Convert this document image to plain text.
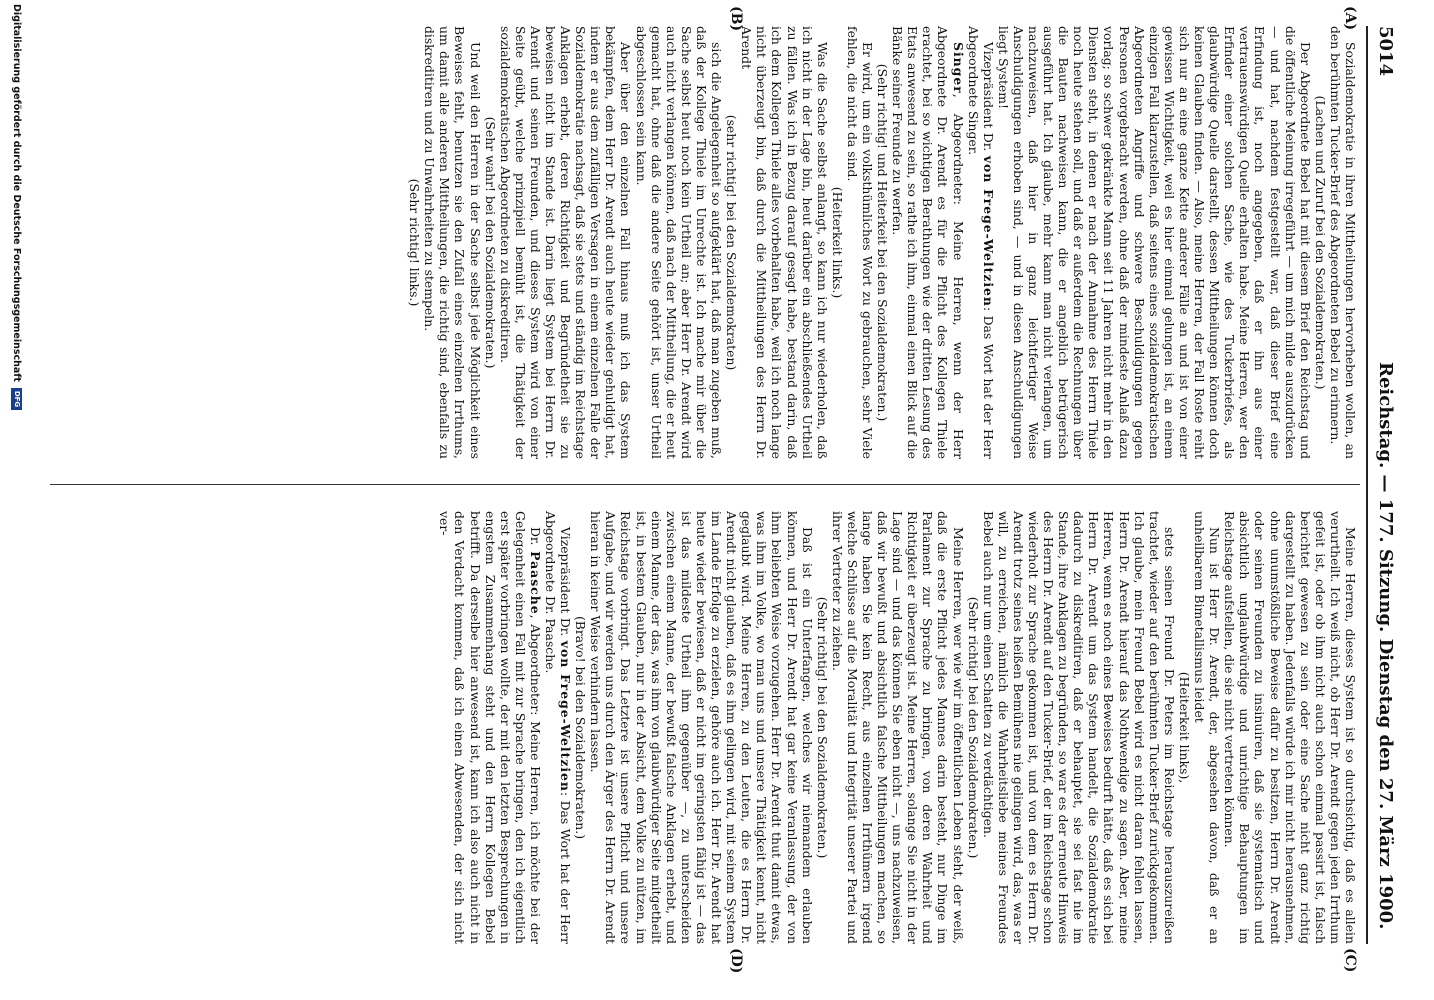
5014
Reichstag. — 177. Sitzung. Dienstag den 27. März 1900.
(A)
(B)
(C)
(D)

Sozialdemokratie in ihren Mittheilungen hervorheben wollen, an den berühmten Tucker-Brief des Abgeordneten Bebel zu erinnern.

(Lachen und Zuruf bei den Sozialdemokraten.)

Der Abgeordnete Bebel hat mit diesem Brief den Reichstag und die öffentliche Meinung irregeführt — um mich milde auszudrücken — und hat, nachdem festgestellt war, daß dieser Brief eine Erfindung ist, noch angegeben, daß er ihn aus einer vertrauenswürdigen Quelle erhalten habe. Meine Herren, wer den Erfinder einer solchen Sache, wie des Tuckerbriefes, als glaubwürdige Quelle darstellt, dessen Mittheilungen können doch keinen Glauben finden. — Also, meine Herren, der Fall Roste reiht sich nur an eine ganze Kette anderer Fälle an und ist von einer gewissen Wichtigkeit, weil es hier einmal gelungen ist, an einem einzigen Fall klarzustellen, daß seitens eines sozialdemokratischen Abgeordneten Angriffe und schwere Beschuldigungen gegen Personen vorgebracht werden, ohne daß der mindeste Anlaß dazu vorlag; so schwer gekränkte Mann seit 11 Jahren nicht mehr in den Diensten steht, in denen er nach der Annahme des Herrn Thiele noch heute stehen soll, und daß er außerdem die Rechnungen über die Bauten nachweisen kann, die er angeblich betrügerisch ausgeführt hat. Ich glaube, mehr kann man nicht verlangen, um nachzuweisen, daß hier in ganz leichtfertiger Weise Anschuldigungen erhoben sind, — und in diesen Anschuldigungen liegt System!

Vizepräsident Dr. von Frege-Weltzien: Das Wort hat der Herr Abgeordnete Singer.

Singer, Abgeordneter: Meine Herren, wenn der Herr Abgeordnete Dr. Arendt es für die Pflicht des Kollegen Thiele erachtet, bei so wichtigen Berathungen wie der dritten Lesung des Etats anwesend zu sein, so rathe ich ihm, einmal einen Blick auf die Bänke seiner Freunde zu werfen.

(Sehr richtig! und Heiterkeit bei den Sozialdemokraten.)

Er wird, um ein volksthümliches Wort zu gebrauchen, sehr Viele fehlen, die nicht da sind.

(Heiterkeit links.)

Was die Sache selbst anlangt, so kann ich nur wiederholen, daß ich nicht in der Lage bin, heut darüber ein abschließendes Urtheil zu fällen. Was ich in Bezug darauf gesagt habe, bestand darin, daß ich dem Kollegen Thiele alles vorbehalten habe, weil ich noch lange nicht überzeugt bin, daß durch die Mittheilungen des Herrn Dr. Arendt

(sehr richtig! bei den Sozialdemokraten)

sich die Angelegenheit so aufgeklärt hat, daß man zugeben muß, daß der Kollege Thiele im Unrechte ist. Ich mache mir über die Sache selbst heut noch kein Urtheil an; aber Herr Dr. Arendt wird auch nicht verlangen können, daß nach der Mittheilung, die er heut gemacht hat, ohne daß die andere Seite gehört ist, unser Urtheil abgeschlossen sein kann.

Aber über den einzelnen Fall hinaus muß ich das System bekämpfen, dem Herr Dr. Arendt auch heute wieder gehuldigt hat, indem er aus dem zufälligen Versagen in einem einzelnen Falle der Sozialdemokratie nachsagt, daß sie stets und ständig im Reichstage Anklagen erhebt, deren Richtigkeit und Begründetheit sie zu beweisen nicht im Stande ist. Darin liegt System bei Herrn Dr. Arendt und seinen Freunden, und dieses System wird von einer Seite geübt, welche prinzipiell bemüht ist, die Thätigkeit der sozialdemokratischen Abgeordneten zu diskreditiren.

(Sehr wahr! bei den Sozialdemokraten.)

Und weil den Herren in der Sache selbst jede Möglichkeit eines Beweises fehlt, benutzen sie den Zufall eines einzelnen Irrthums, um damit alle anderen Mittheilungen, die richtig sind, ebenfalls zu diskreditiren und zu Unwahrheiten zu stempeln.

(Sehr richtig! links.)

Meine Herren, dieses System ist so durchsichtig, daß es allein verurtheilt. Ich weiß nicht, ob Herr Dr. Arendt gegen jeden Irrthum gefeit ist, oder ob ihm nicht auch schon einmal passirt ist, falsch berichtet gewesen zu sein oder eine Sache nicht ganz richtig dargestellt zu haben. Jedenfalls würde ich mir nicht herausnehmen, ohne unumstößliche Beweise dafür zu besitzen, Herrn Dr. Arendt oder seinen Freunden zu insinuiren, daß sie systematisch und absichtlich unglaubwürdige und unrichtige Behauptungen im Reichstage aufstellen, die sie nicht vertreten können.

Nun ist Herr Dr. Arendt, der, abgesehen davon, daß er an unheilbarem Bimetallismus leidet

(Heiterkeit links),

stets seinen Freund Dr. Peters im Reichstage herauszureißen trachtet, wieder auf den berühmten Tucker-Brief zurückgekommen. Ich glaube, mein Freund Bebel wird es nicht daran fehlen lassen, Herrn Dr. Arendt hierauf das Nothwendige zu sagen. Aber, meine Herren, wenn es noch eines Beweises bedurft hätte, daß es sich bei Herrn Dr. Arendt um das System handelt, die Sozialdemokratie dadurch zu diskreditiren, daß er behauptet, sie sei fast nie im Stande, ihre Anklagen zu begründen, so war es der erneute Hinweis des Herrn Dr. Arendt auf den Tucker-Brief, der im Reichstage schon wiederholt zur Sprache gekommen ist, und von dem es Herrn Dr. Arendt trotz seines heißen Bemühens nie gelingen wird, das, was er will, zu erreichen, nämlich die Wahrheitsliebe meines Freundes Bebel auch nur um einen Schatten zu verdächtigen.

(Sehr richtig! bei den Sozialdemokraten.)

Meine Herren, wer wie wir im öffentlichen Leben steht, der weiß, daß die erste Pflicht jedes Mannes darin besteht, nur Dinge im Parlament zur Sprache zu bringen, von deren Wahrheit und Richtigkeit er überzeugt ist. Meine Herren, solange Sie nicht in der Lage sind — und das können Sie eben nicht —, uns nachzuweisen, daß wir bewußt und absichtlich falsche Mittheilungen machen, so lange haben Sie kein Recht, aus einzelnen Irrthümern irgend welche Schlüsse auf die Moralität und Integrität unserer Partei und ihrer Vertreter zu ziehen.

(Sehr richtig! bei den Sozialdemokraten.)

Daß ist ein Unterfangen, welches wir niemandem erlauben können, und Herr Dr. Arendt hat gar keine Veranlassung, der von ihm beliebten Weise vorzugehen. Herr Dr. Arendt thut damit etwas, was ihm im Volke, wo man uns und unsere Thätigkeit kennt, nicht geglaubt wird. Meine Herren, zu den Leuten, die es Herrn Dr. Arendt nicht glauben, daß es ihm gelingen wird, mit seinem System im Lande Erfolge zu erzielen, gehöre auch ich. Herr Dr. Arendt hat heute wieder bewiesen, daß er nicht im geringsten fähig ist — das ist das mildeste Urtheil ihm gegenüber —, zu unterscheiden zwischen einem Manne, der bewußt falsche Anklagen erhebt, und einem Manne, der das, was ihm von glaubwürdiger Seite mitgetheilt ist, in bestem Glauben, nur in der Absicht, dem Volke zu nützen, im Reichstage vorbringt. Das Letztere ist unsere Pflicht und unsere Aufgabe, und wir werden uns durch den Ärger des Herrn Dr. Arendt hieran in keiner Weise verhindern lassen.

(Bravo! bei den Sozialdemokraten.)

Vizepräsident Dr. von Frege-Weltzien: Das Wort hat der Herr Abgeordnete Dr. Paasche.

Dr. Paasche, Abgeordneter: Meine Herren, ich möchte bei der Gelegenheit einen Fall mit zur Sprache bringen, den ich eigentlich erst später vorbringen wollte, der mit den letzten Besprechungen in engstem Zusammenhang steht und den Herrn Kollegen Bebel betrifft. Da derselbe hier anwesend ist, kann ich also auch nicht in den Verdacht kommen, daß ich einen Abwesenden, der sich nicht ver-

Digitalisierung gefördert durch die Deutsche ForschungsgemeinschaftDFG
